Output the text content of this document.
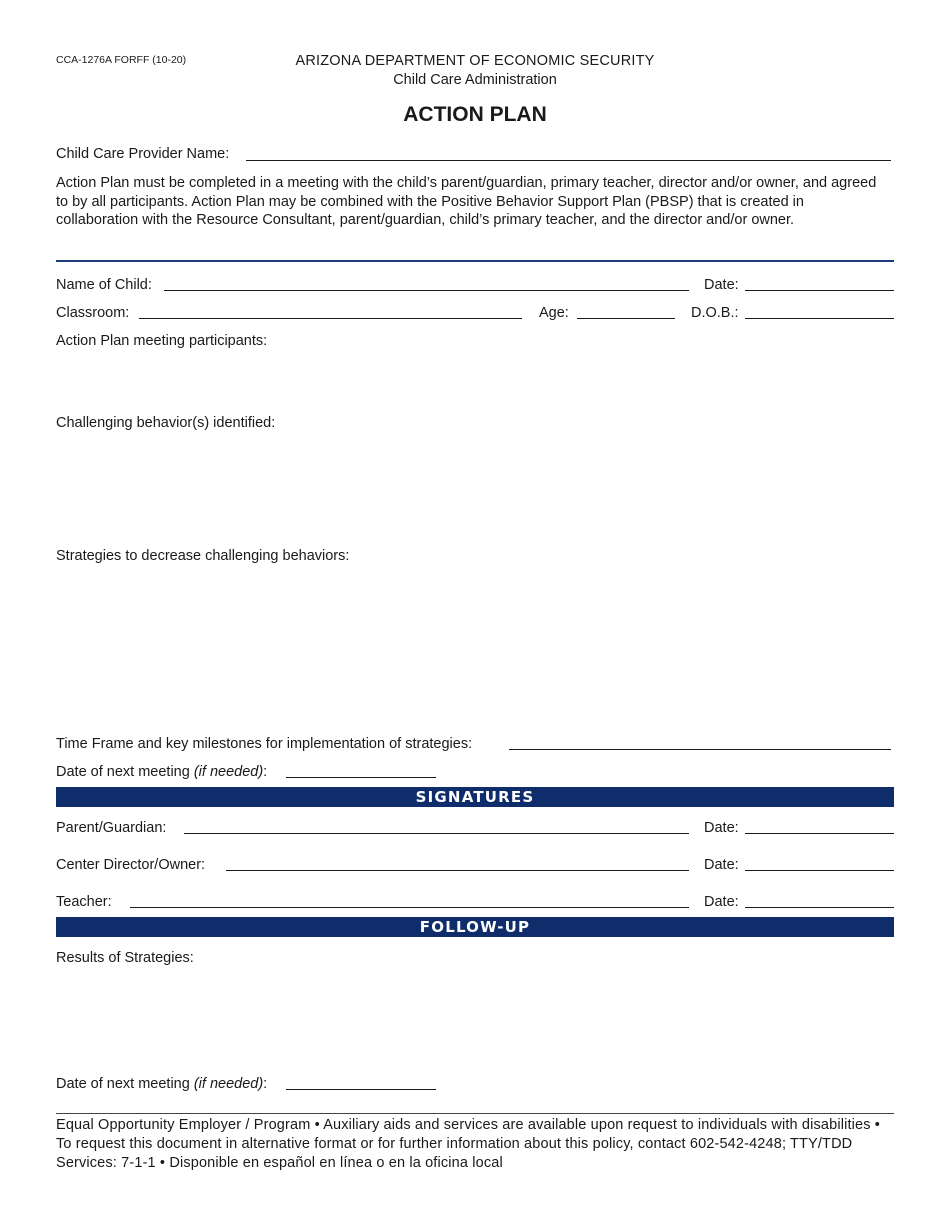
CCA-1276A FORFF (10-20)	ARIZONA DEPARTMENT OF ECONOMIC SECURITY
Child Care Administration
ACTION PLAN
Child Care Provider Name:
Action Plan must be completed in a meeting with the child’s parent/guardian, primary teacher, director and/or owner, and agreed to by all participants. Action Plan may be combined with the Positive Behavior Support Plan (PBSP) that is created in collaboration with the Resource Consultant, parent/guardian, child’s primary teacher, and the director and/or owner.
Name of Child:	Date:
Classroom:	Age:	D.O.B.:
Action Plan meeting participants:
Challenging behavior(s) identified:
Strategies to decrease challenging behaviors:
Time Frame and key milestones for implementation of strategies:
Date of next meeting (if needed):
SIGNATURES
Parent/Guardian:	Date:
Center Director/Owner:	Date:
Teacher:	Date:
FOLLOW-UP
Results of Strategies:
Date of next meeting (if needed):
Equal Opportunity Employer / Program • Auxiliary aids and services are available upon request to individuals with disabilities • To request this document in alternative format or for further information about this policy, contact 602-542-4248; TTY/TDD Services: 7-1-1 • Disponible en español en línea o en la oficina local
